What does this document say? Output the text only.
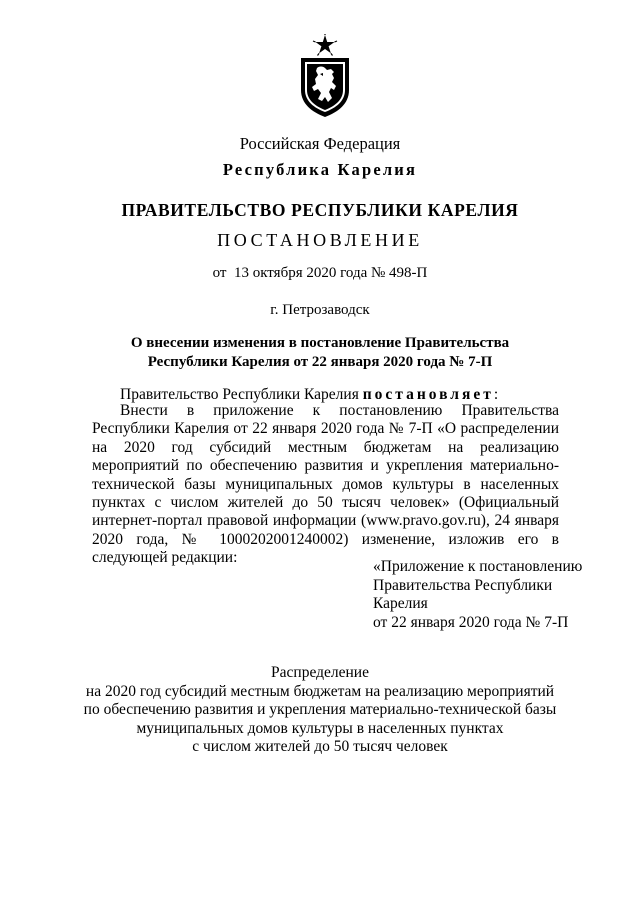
Российская Федерация
Республика Карелия
ПРАВИТЕЛЬСТВО РЕСПУБЛИКИ КАРЕЛИЯ
ПОСТАНОВЛЕНИЕ
от  13 октября 2020 года № 498-П
г. Петрозаводск
О внесении изменения в постановление Правительства
Республики Карелия от 22 января 2020 года № 7-П
Правительство Республики Карелия постановляет:

Внести в приложение к постановлению Правительства Республики Карелия от 22 января 2020 года № 7-П «О распределении на 2020 год субсидий местным бюджетам на реализацию мероприятий по обеспечению развития и укрепления материально-технической базы муниципальных домов культуры в населенных пунктах с числом жителей до 50 тысяч человек» (Официальный интернет-портал правовой информации (www.pravo.gov.ru), 24 января 2020 года, № 1000202001240002) изменение, изложив его в следующей редакции:

«Приложение к постановлению
Правительства Республики
Карелия
от 22 января 2020 года № 7-П
Распределение
на 2020 год субсидий местным бюджетам на реализацию мероприятий
по обеспечению развития и укрепления материально-технической базы
муниципальных домов культуры в населенных пунктах
с числом жителей до 50 тысяч человек
